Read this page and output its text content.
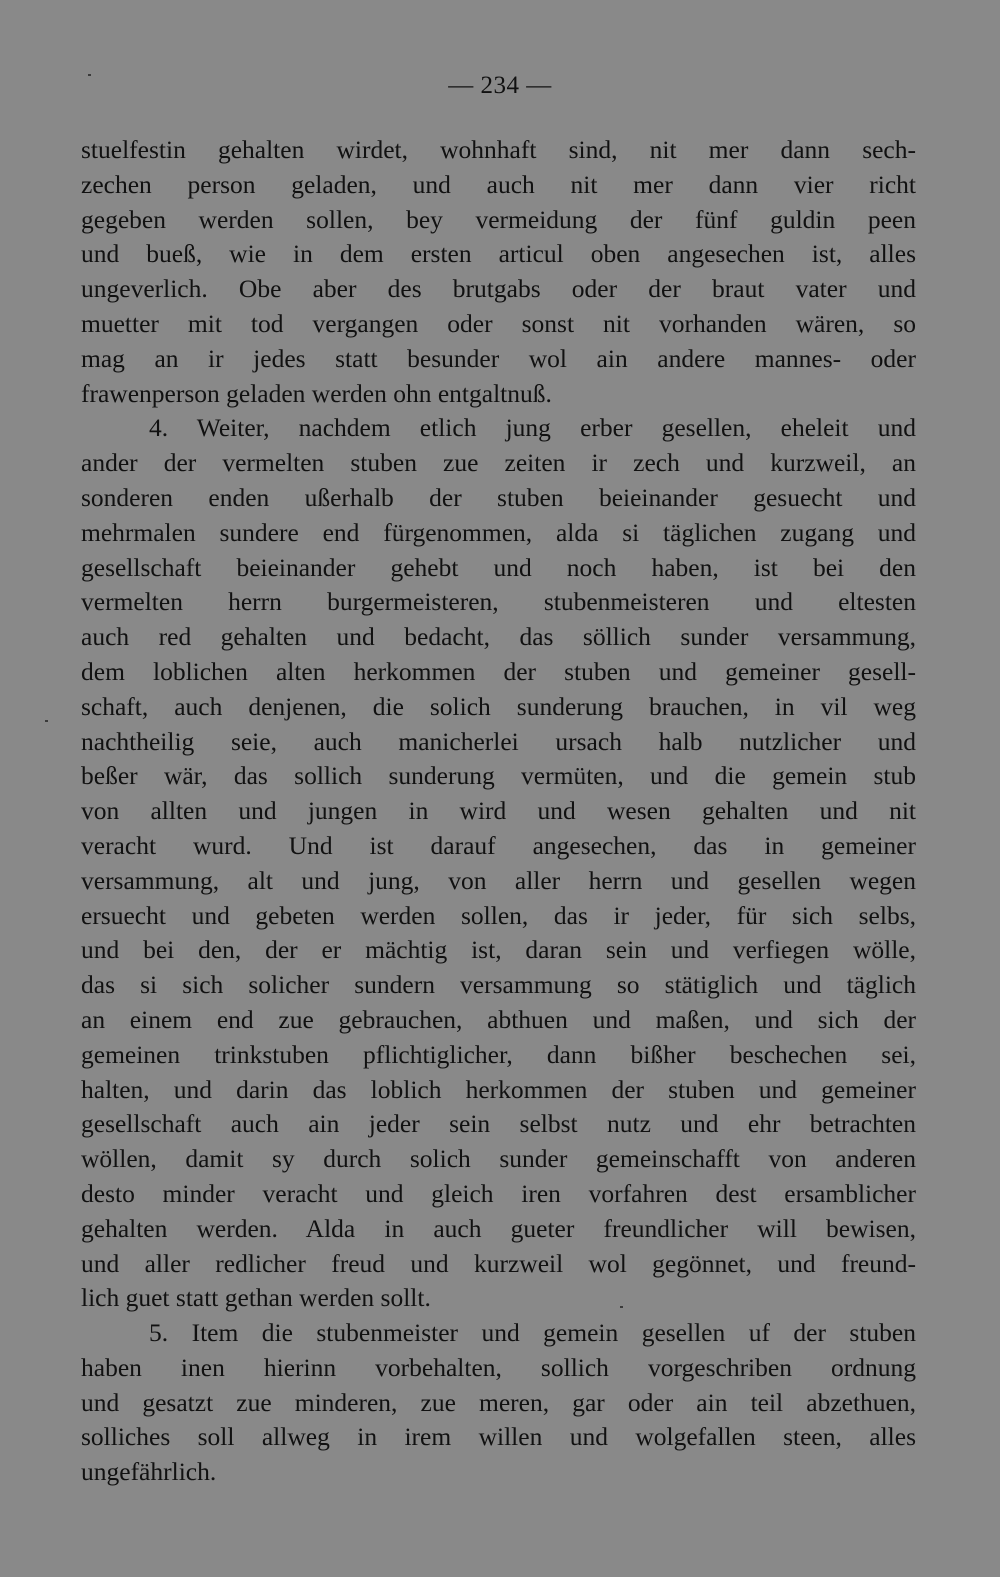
— 234 —
stuelfestin gehalten wirdet, wohnhaft sind, nit mer dann sech-
zechen person geladen, und auch nit mer dann vier richt
gegeben werden sollen, bey vermeidung der fünf guldin peen
und bueß, wie in dem ersten articul oben angesechen ist, alles
ungeverlich. Obe aber des brutgabs oder der braut vater und
muetter mit tod vergangen oder sonst nit vorhanden wären, so
mag an ir jedes statt besunder wol ain andere mannes- oder
frawenperson geladen werden ohn entgaltnuß.
4. Weiter, nachdem etlich jung erber gesellen, eheleit und
ander der vermelten stuben zue zeiten ir zech und kurzweil, an
sonderen enden ußerhalb der stuben beieinander gesuecht und
mehrmalen sundere end fürgenommen, alda si täglichen zugang und
gesellschaft beieinander gehebt und noch haben, ist bei den
vermelten herrn burgermeisteren, stubenmeisteren und eltesten
auch red gehalten und bedacht, das söllich sunder versammung,
dem loblichen alten herkommen der stuben und gemeiner gesell-
schaft, auch denjenen, die solich sunderung brauchen, in vil weg
nachtheilig seie, auch manicherlei ursach halb nutzlicher und
beßer wär, das sollich sunderung vermüten, und die gemein stub
von allten und jungen in wird und wesen gehalten und nit
veracht wurd. Und ist darauf angesechen, das in gemeiner
versammung, alt und jung, von aller herrn und gesellen wegen
ersuecht und gebeten werden sollen, das ir jeder, für sich selbs,
und bei den, der er mächtig ist, daran sein und verfiegen wölle,
das si sich solicher sundern versammung so stätiglich und täglich
an einem end zue gebrauchen, abthuen und maßen, und sich der
gemeinen trinkstuben pflichtiglicher, dann bißher beschechen sei,
halten, und darin das loblich herkommen der stuben und gemeiner
gesellschaft auch ain jeder sein selbst nutz und ehr betrachten
wöllen, damit sy durch solich sunder gemeinschafft von anderen
desto minder veracht und gleich iren vorfahren dest ersamblicher
gehalten werden. Alda in auch gueter freundlicher will bewisen,
und aller redlicher freud und kurzweil wol gegönnet, und freund-
lich guet statt gethan werden sollt.
5. Item die stubenmeister und gemein gesellen uf der stuben
haben inen hierinn vorbehalten, sollich vorgeschriben ordnung
und gesatzt zue minderen, zue meren, gar oder ain teil abzethuen,
solliches soll allweg in irem willen und wolgefallen steen, alles
ungefährlich.
